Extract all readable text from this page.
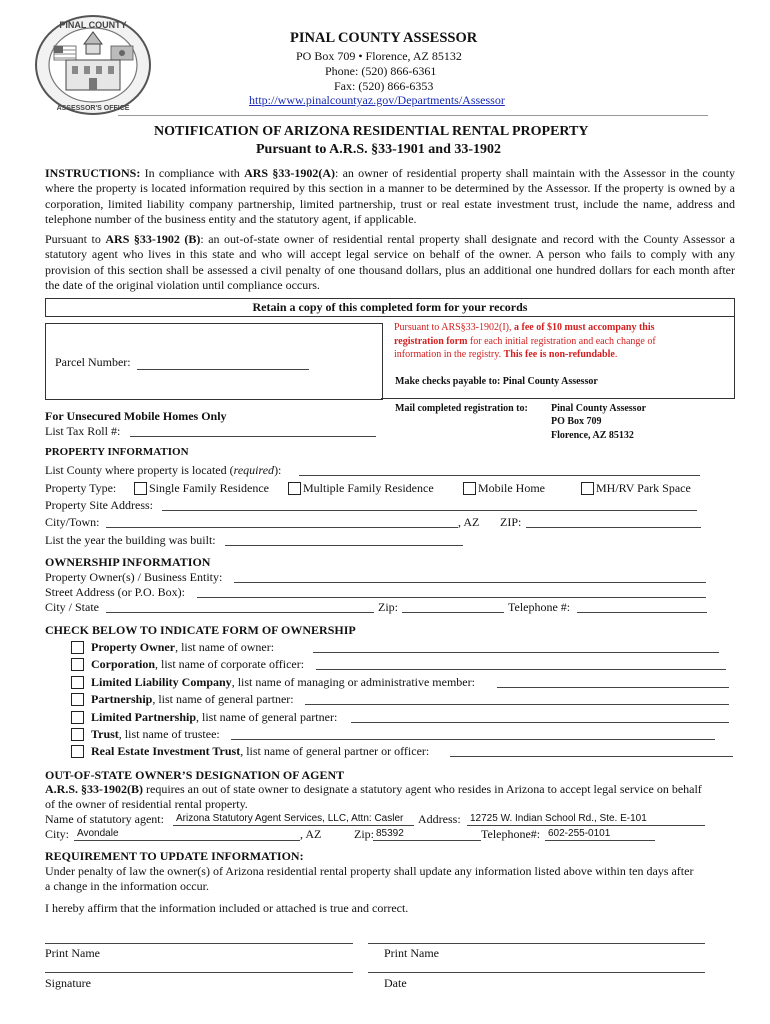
PINAL COUNTY
ASSESSOR'S OFFICE
PINAL COUNTY ASSESSOR
PO Box 709 • Florence, AZ 85132
Phone: (520) 866-6361
Fax: (520) 866-6353
http://www.pinalcountyaz.gov/Departments/Assessor
NOTIFICATION OF ARIZONA RESIDENTIAL RENTAL PROPERTY
Pursuant to A.R.S. §33-1901 and 33-1902
INSTRUCTIONS: In compliance with ARS §33-1902(A): an owner of residential property shall maintain with the Assessor in the county where the property is located information required by this section in a manner to be determined by the Assessor. If the property is owned by a corporation, limited liability company partnership, limited partnership, trust or real estate investment trust, include the name, address and telephone number of the business entity and the statutory agent, if applicable.
Pursuant to ARS §33-1902 (B): an out-of-state owner of residential rental property shall designate and record with the County Assessor a statutory agent who lives in this state and who will accept legal service on behalf of the owner. A person who fails to comply with any provision of this section shall be assessed a civil penalty of one thousand dollars, plus an additional one hundred dollars for each month after the date of the original violation until compliance occurs.
Retain a copy of this completed form for your records
Parcel Number:
Pursuant to ARS§33-1902(I), a fee of $10 must accompany this
registration form for each initial registration and each change of
information in the registry. This fee is non-refundable.
Make checks payable to: Pinal County Assessor
Mail completed registration to: Pinal County Assessor
PO Box 709
Florence, AZ 85132
For Unsecured Mobile Homes Only
List Tax Roll #:
PROPERTY INFORMATION
List County where property is located (required):
Property Type:	Single Family Residence	Multiple Family Residence	Mobile Home	MH/RV Park Space
Property Site Address:
City/Town:	, AZ ZIP:
List the year the building was built:
OWNERSHIP INFORMATION
Property Owner(s) / Business Entity:
Street Address (or P.O. Box):
City / State	Zip:	Telephone #:
CHECK BELOW TO INDICATE FORM OF OWNERSHIP
Property Owner, list name of owner:
Corporation, list name of corporate officer:
Limited Liability Company, list name of managing or administrative member:
Partnership, list name of general partner:
Limited Partnership, list name of general partner:
Trust, list name of trustee:
Real Estate Investment Trust, list name of general partner or officer:
OUT-OF-STATE OWNER’S DESIGNATION OF AGENT
A.R.S. §33-1902(B) requires an out of state owner to designate a statutory agent who resides in Arizona to accept legal service on behalf
of the owner of residential rental property.
Name of statutory agent: Arizona Statutory Agent Services, LLC, Attn: Casler Address: 12725 W. Indian School Rd., Ste. E-101
City: Avondale	, AZ	Zip: 85392	Telephone#: 602-255-0101
REQUIREMENT TO UPDATE INFORMATION:
Under penalty of law the owner(s) of Arizona residential rental property shall update any information listed above within ten days after
a change in the information occur.
I hereby affirm that the information included or attached is true and correct.
Print Name	Print Name
Signature	Date
